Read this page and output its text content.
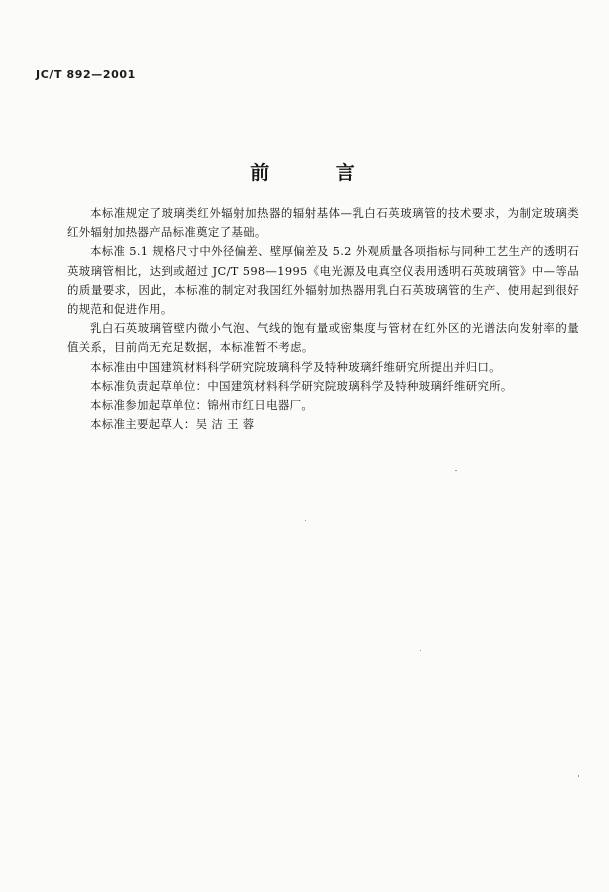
JC/T 892—2001
前 言

本标准规定了玻璃类红外辐射加热器的辐射基体—乳白石英玻璃管的技术要求，为制定玻璃类红外辐射加热器产品标准奠定了基础。

本标准 5.1 规格尺寸中外径偏差、壁厚偏差及 5.2 外观质量各项指标与同种工艺生产的透明石英玻璃管相比，达到或超过 JC/T 598—1995《电光源及电真空仪表用透明石英玻璃管》中—等品的质量要求，因此，本标准的制定对我国红外辐射加热器用乳白石英玻璃管的生产、使用起到很好的规范和促进作用。

乳白石英玻璃管壁内微小气泡、气线的饱有量或密集度与管材在红外区的光谱法向发射率的量值关系，目前尚无充足数据，本标准暂不考虑。

本标准由中国建筑材料科学研究院玻璃科学及特种玻璃纤维研究所提出并归口。

本标准负责起草单位：中国建筑材料科学研究院玻璃科学及特种玻璃纤维研究所。

本标准参加起草单位：锦州市红日电器厂。

本标准主要起草人：吴 洁 王 蓉
